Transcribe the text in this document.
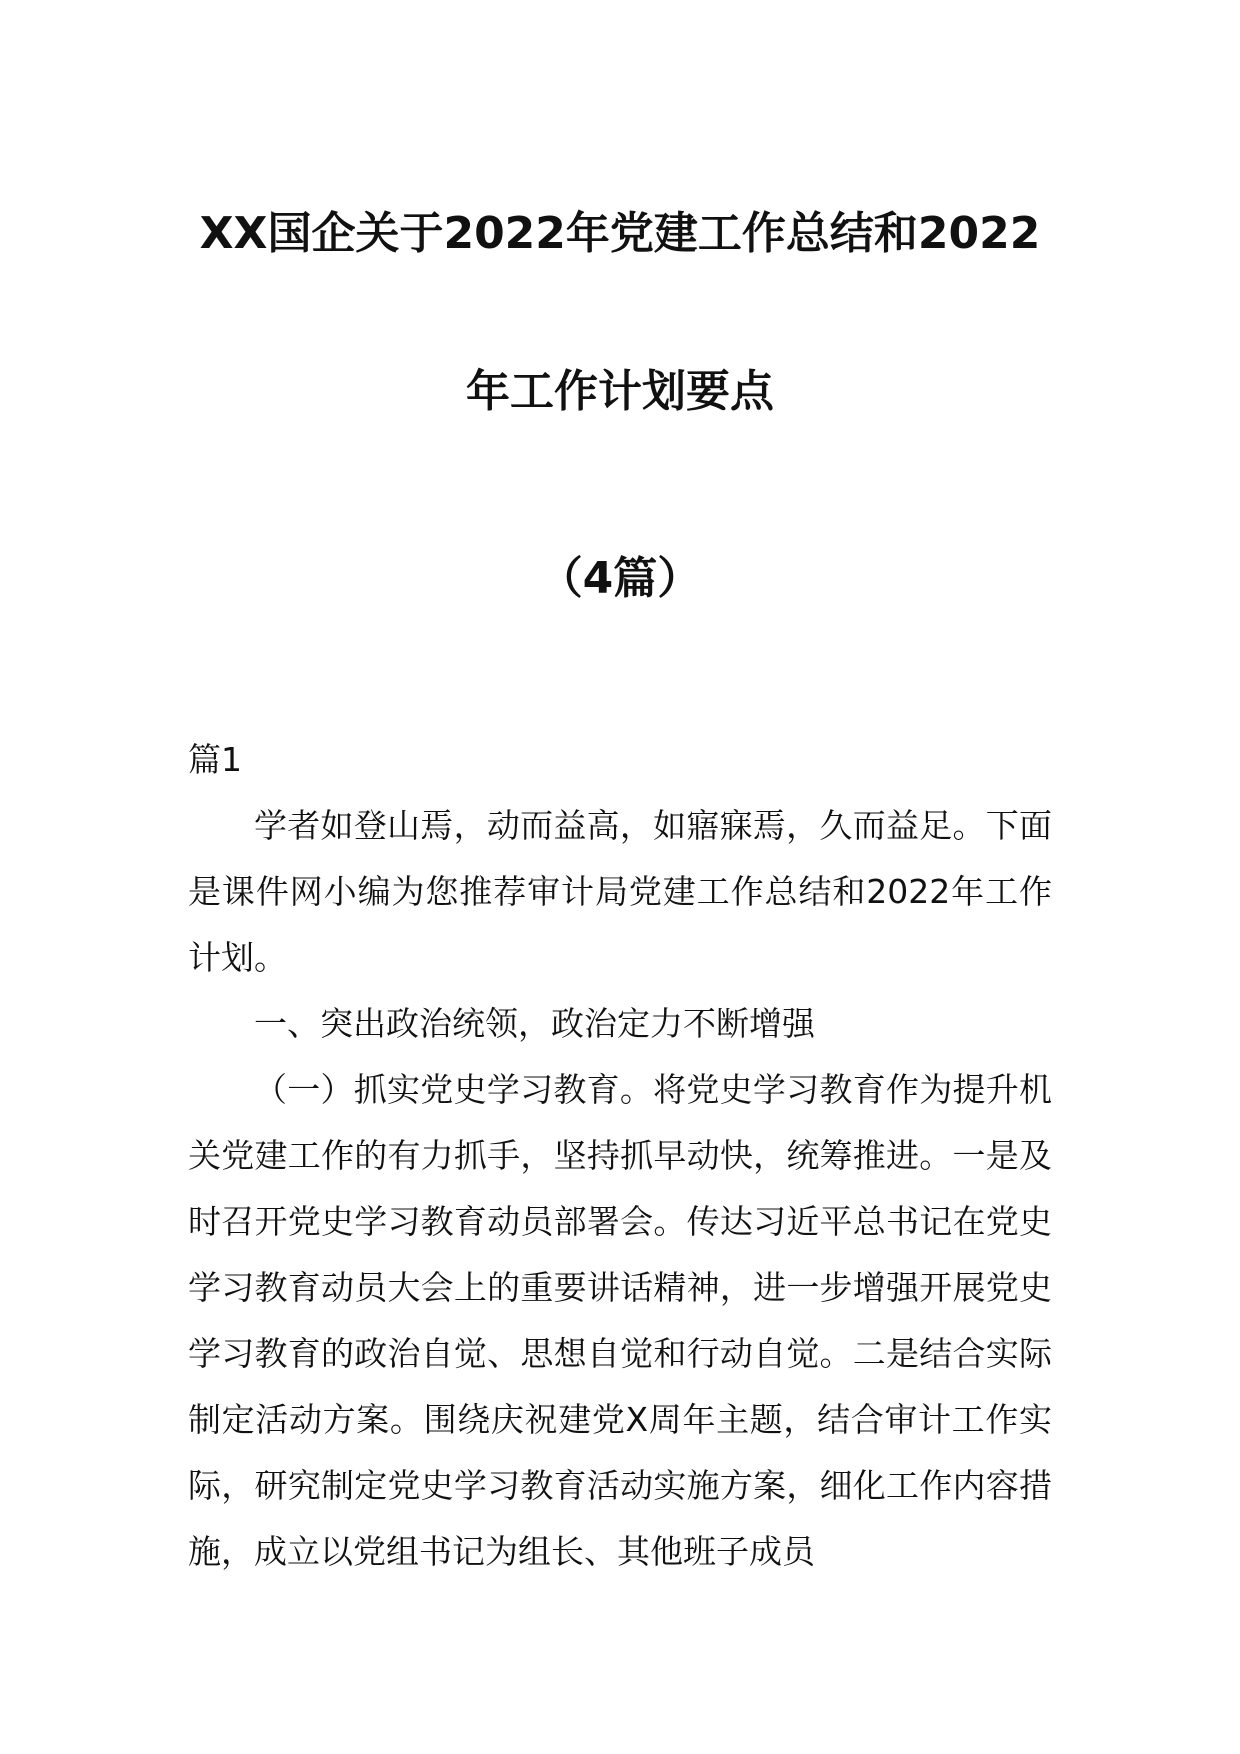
XX国企关于2022年党建工作总结和2022
年工作计划要点
（4篇）

篇1

学者如登山焉，动而益高，如寤寐焉，久而益足。下面是课件网小编为您推荐审计局党建工作总结和2022年工作计划。

一、突出政治统领，政治定力不断增强

（一）抓实党史学习教育。将党史学习教育作为提升机关党建工作的有力抓手，坚持抓早动快，统筹推进。一是及时召开党史学习教育动员部署会。传达习近平总书记在党史学习教育动员大会上的重要讲话精神，进一步增强开展党史学习教育的政治自觉、思想自觉和行动自觉。二是结合实际制定活动方案。围绕庆祝建党X周年主题，结合审计工作实际，研究制定党史学习教育活动实施方案，细化工作内容措施，成立以党组书记为组长、其他班子成员
